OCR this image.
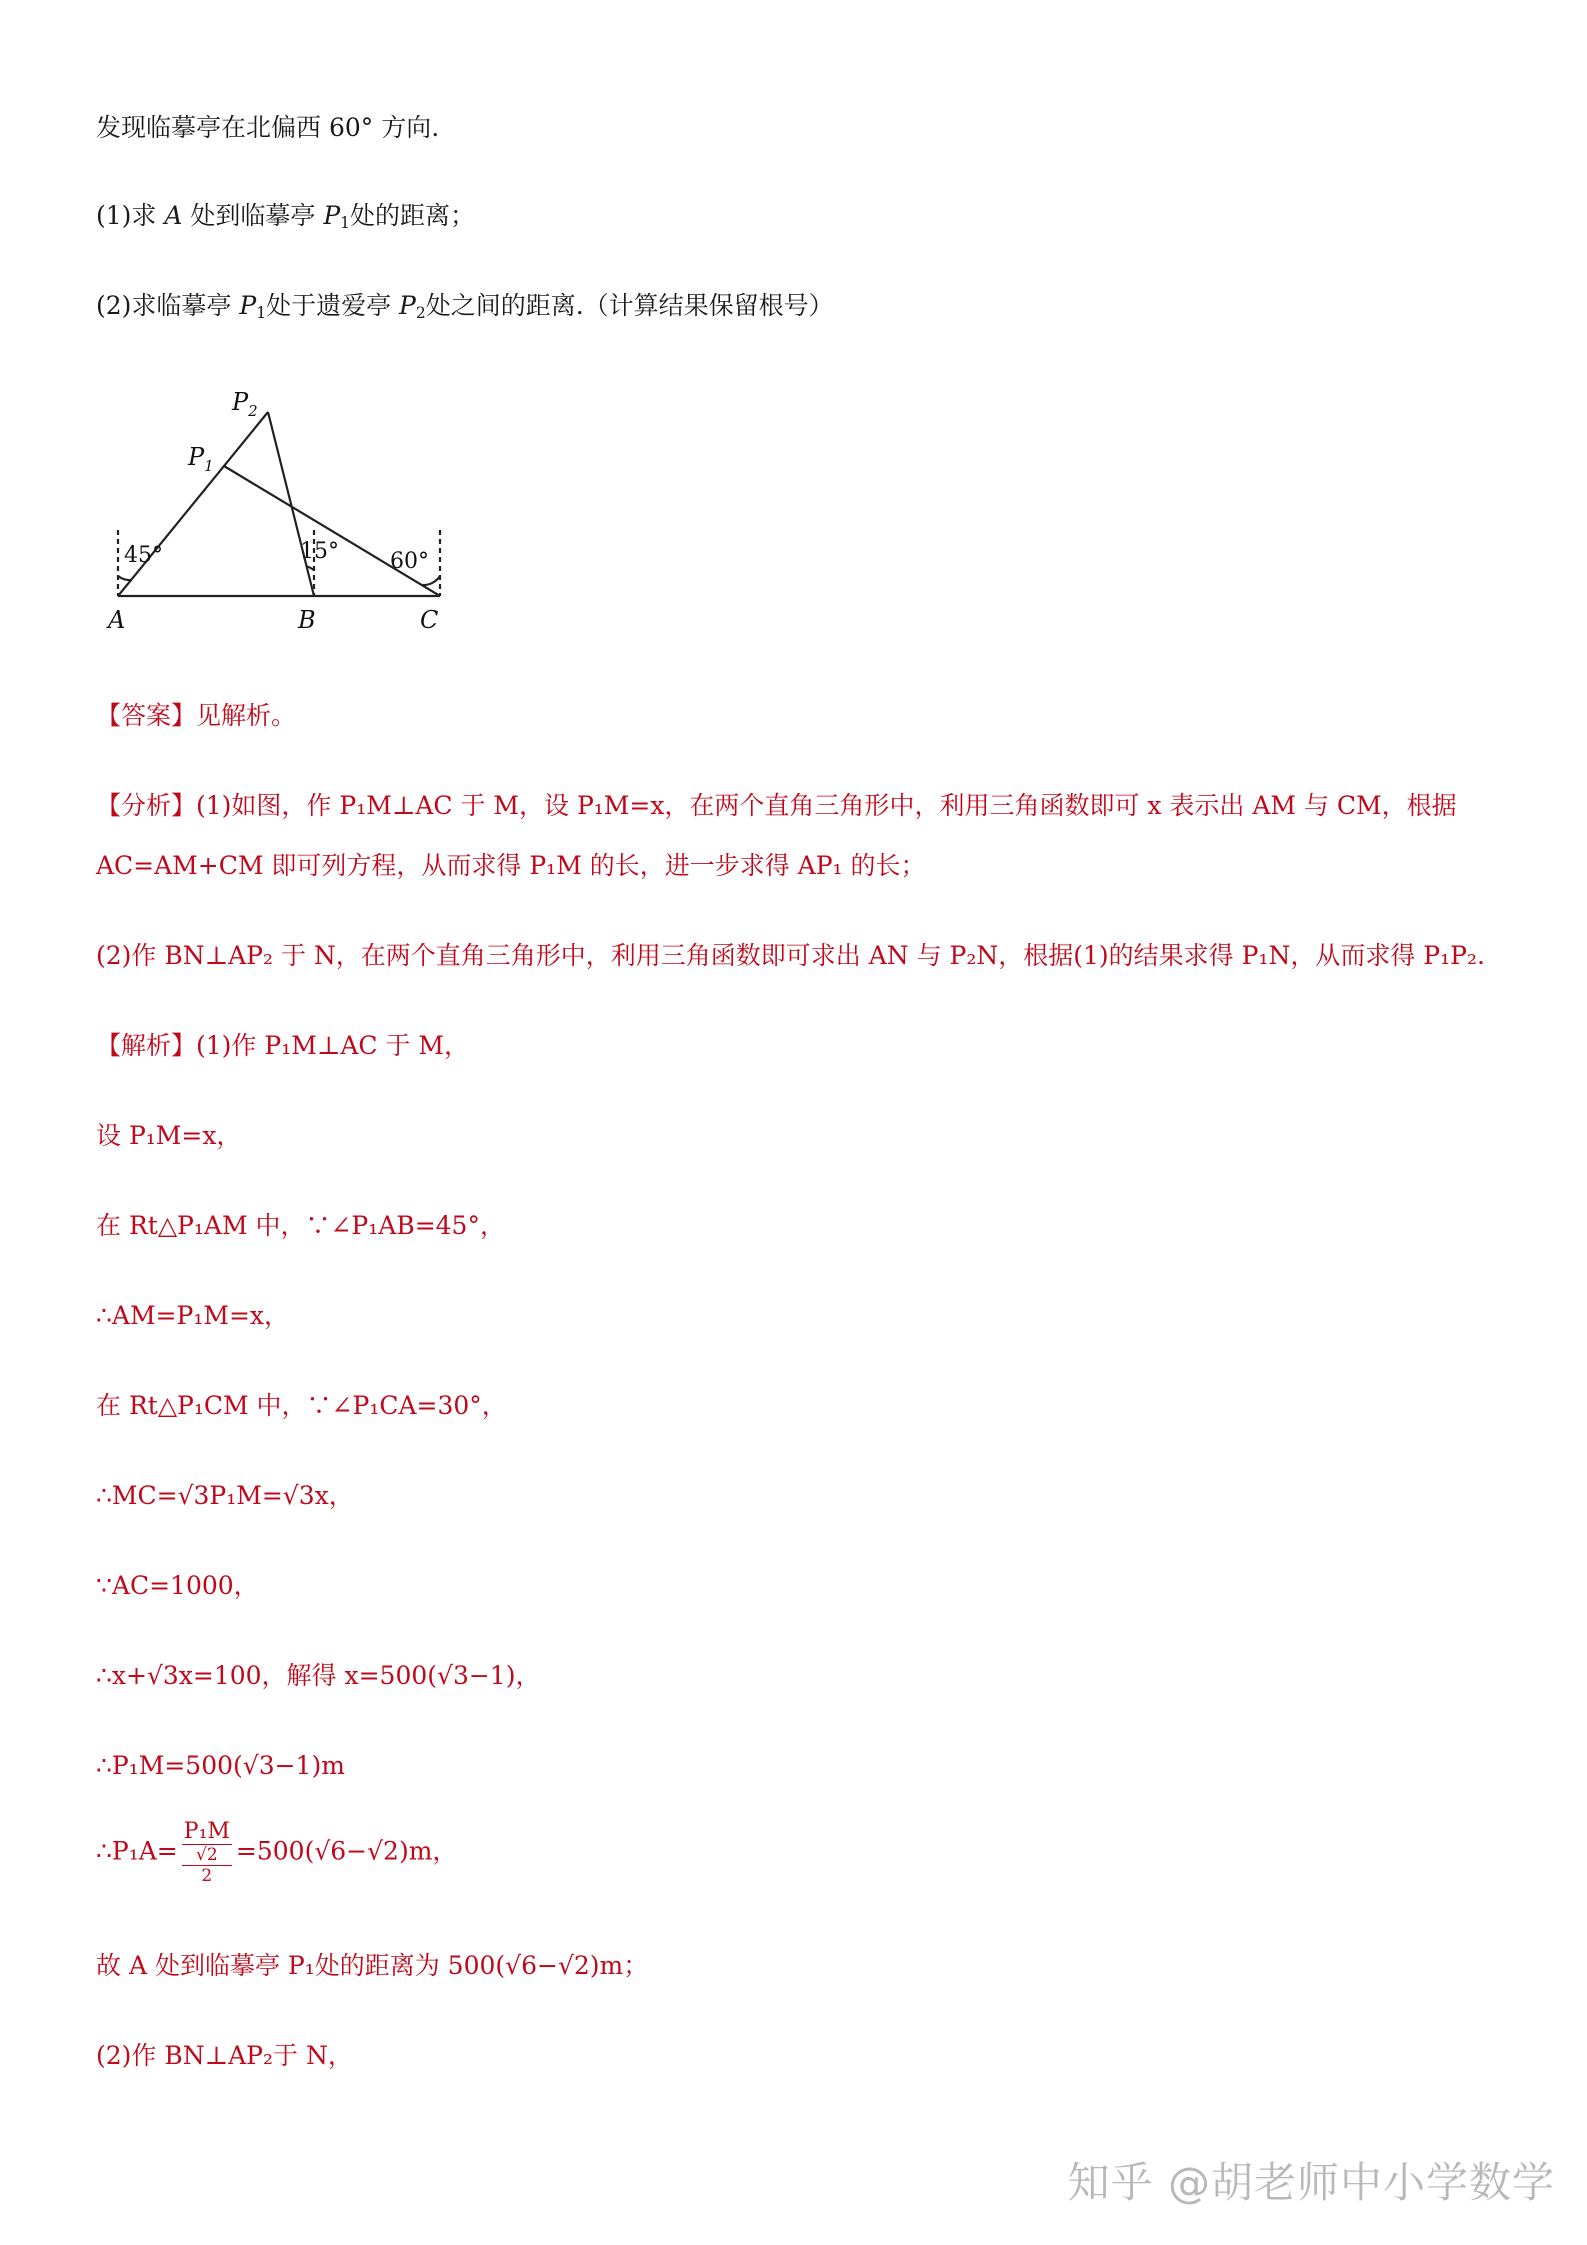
发现临摹亭在北偏西 60° 方向.

(1)求 A 处到临摹亭 $P_1$处的距离；

(2)求临摹亭 $P_1$处于遗爱亭 $P_2$处之间的距离.（计算结果保留根号）

$P_2$
$P_1$
45°	15° 60°
A	B	C

【答案】见解析。

【分析】(1)如图，作 P₁M⊥AC 于 M，设 P₁M=x，在两个直角三角形中，利用三角函数即可 x 表示出 AM 与 CM，根据

AC=AM+CM 即可列方程，从而求得 P₁M 的长，进一步求得 AP₁ 的长；

(2)作 BN⊥AP₂ 于 N，在两个直角三角形中，利用三角函数即可求出 AN 与 P₂N，根据(1)的结果求得 P₁N，从而求得 P₁P₂.

【解析】(1)作 P₁M⊥AC 于 M，

设 P₁M=x，

在 Rt△P₁AM 中，∵∠P₁AB=45°，

∴AM=P₁M=x，

在 Rt△P₁CM 中，∵∠P₁CA=30°，

∴MC=√3P₁M=√3x，

∵AC=1000，

∴x+√3x=100，解得 x=500(√3−1)，

∴P₁M=500(√3−1)m

∴P₁A= P₁M
√2
2 =500(√6−√2)m，

故 A 处到临摹亭 P₁处的距离为 500(√6−√2)m；

(2)作 BN⊥AP₂于 N，

知乎 @胡老师中小学数学
